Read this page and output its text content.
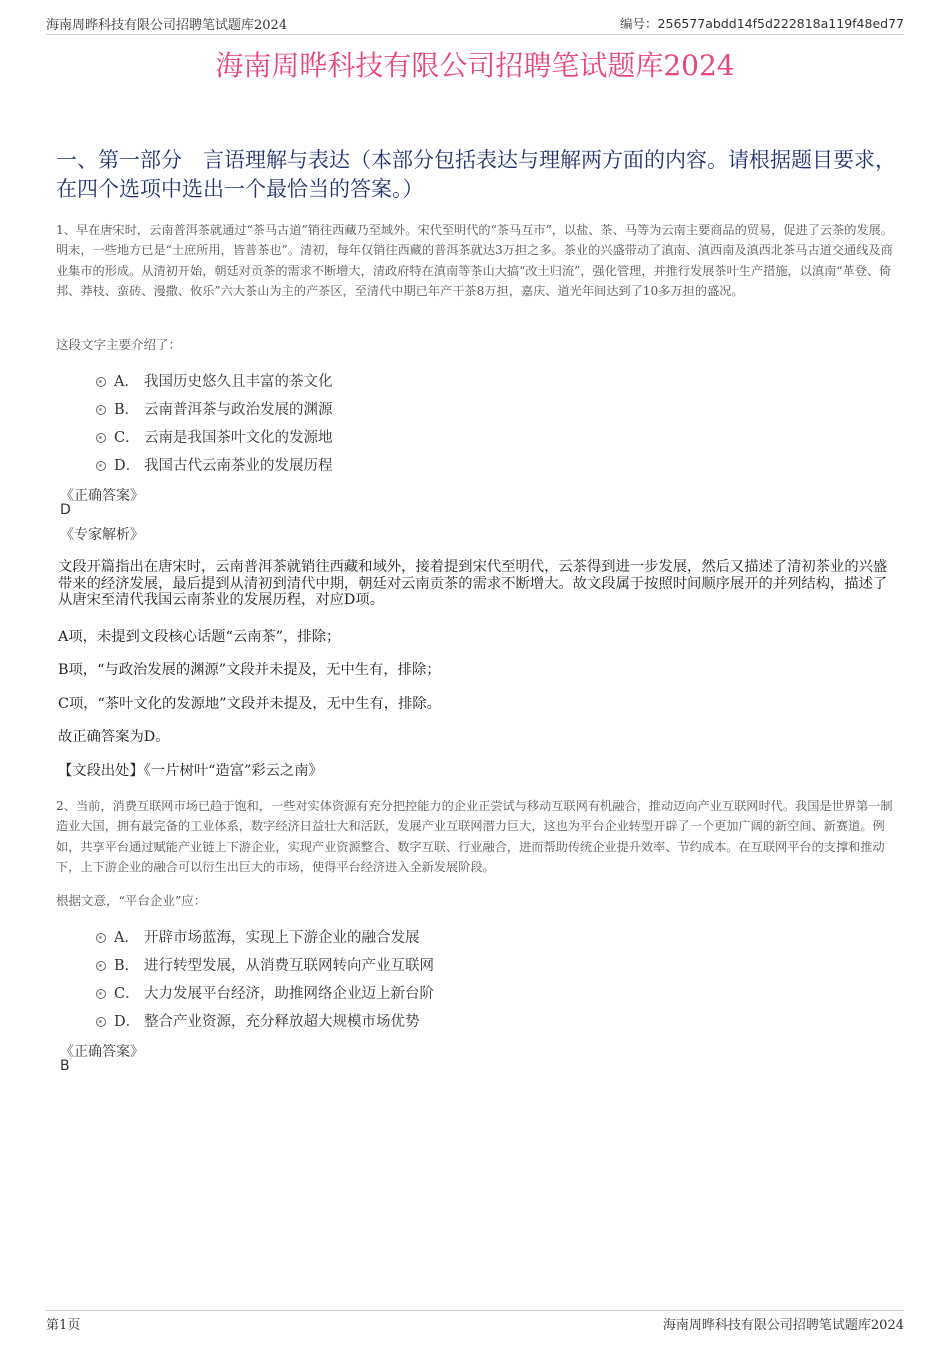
海南周晔科技有限公司招聘笔试题库2024	编号：256577abdd14f5d222818a119f48ed77
海南周晔科技有限公司招聘笔试题库2024
一、第一部分　言语理解与表达（本部分包括表达与理解两方面的内容。请根据题目要求，在四个选项中选出一个最恰当的答案。）
1、早在唐宋时，云南普洱茶就通过“茶马古道”销往西藏乃至域外。宋代至明代的“茶马互市”，以盐、茶、马等为云南主要商品的贸易，促进了云茶的发展。明末，一些地方已是“士庶所用，皆普茶也”。清初，每年仅销往西藏的普洱茶就达3万担之多。茶业的兴盛带动了滇南、滇西南及滇西北茶马古道交通线及商业集市的形成。从清初开始，朝廷对贡茶的需求不断增大，清政府特在滇南等茶山大搞“改土归流”，强化管理，并推行发展茶叶生产措施，以滇南“革登、倚邦、莽枝、蛮砖、漫撒、攸乐”六大茶山为主的产茶区，至清代中期已年产干茶8万担，嘉庆、道光年间达到了10多万担的盛况。
这段文字主要介绍了：
A． 我国历史悠久且丰富的茶文化
B． 云南普洱茶与政治发展的渊源
C． 云南是我国茶叶文化的发源地
D． 我国古代云南茶业的发展历程
《正确答案》
D
《专家解析》
文段开篇指出在唐宋时，云南普洱茶就销往西藏和域外，接着提到宋代至明代，云茶得到进一步发展，然后又描述了清初茶业的兴盛带来的经济发展，最后提到从清初到清代中期，朝廷对云南贡茶的需求不断增大。故文段属于按照时间顺序展开的并列结构，描述了从唐宋至清代我国云南茶业的发展历程，对应D项。
A项，未提到文段核心话题“云南茶”，排除；
B项，“与政治发展的渊源”文段并未提及，无中生有，排除；
C项，“茶叶文化的发源地”文段并未提及，无中生有，排除。
故正确答案为D。
【文段出处】《一片树叶“造富”彩云之南》
2、当前，消费互联网市场已趋于饱和，一些对实体资源有充分把控能力的企业正尝试与移动互联网有机融合，推动迈向产业互联网时代。我国是世界第一制造业大国，拥有最完备的工业体系，数字经济日益壮大和活跃，发展产业互联网潜力巨大，这也为平台企业转型开辟了一个更加广阔的新空间、新赛道。例如，共享平台通过赋能产业链上下游企业，实现产业资源整合、数字互联、行业融合，进而帮助传统企业提升效率、节约成本。在互联网平台的支撑和推动下，上下游企业的融合可以衍生出巨大的市场，使得平台经济进入全新发展阶段。
根据文意，“平台企业”应：
A． 开辟市场蓝海，实现上下游企业的融合发展
B． 进行转型发展，从消费互联网转向产业互联网
C． 大力发展平台经济，助推网络企业迈上新台阶
D． 整合产业资源，充分释放超大规模市场优势
《正确答案》
B
第1页	海南周晔科技有限公司招聘笔试题库2024
